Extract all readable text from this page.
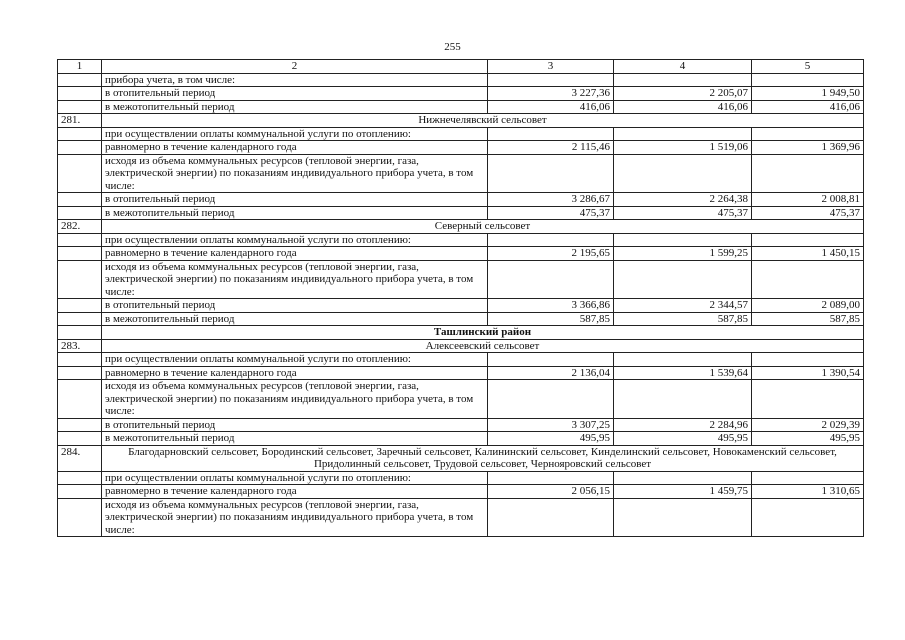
255
1	2	3	4	5
	прибора учета, в том числе:			
	в отопительный период	3 227,36	2 205,07	1 949,50
	в межотопительный период	416,06	416,06	416,06
281.	Нижнечелявский сельсовет			
	при осуществлении оплаты коммунальной услуги по отоплению:			
	равномерно в течение календарного года	2 115,46	1 519,06	1 369,96
	исходя из объема коммунальных ресурсов (тепловой энергии, газа, электрической энергии) по показаниям индивидуального прибора учета, в том числе:			
	в отопительный период	3 286,67	2 264,38	2 008,81
	в межотопительный период	475,37	475,37	475,37
282.	Северный сельсовет			
	при осуществлении оплаты коммунальной услуги по отоплению:			
	равномерно в течение календарного года	2 195,65	1 599,25	1 450,15
	исходя из объема коммунальных ресурсов (тепловой энергии, газа, электрической энергии) по показаниям индивидуального прибора учета, в том числе:			
	в отопительный период	3 366,86	2 344,57	2 089,00
	в межотопительный период	587,85	587,85	587,85
	Ташлинский район			
283.	Алексеевский сельсовет			
	при осуществлении оплаты коммунальной услуги по отоплению:			
	равномерно в течение календарного года	2 136,04	1 539,64	1 390,54
	исходя из объема коммунальных ресурсов (тепловой энергии, газа, электрической энергии) по показаниям индивидуального прибора учета, в том числе:			
	в отопительный период	3 307,25	2 284,96	2 029,39
	в межотопительный период	495,95	495,95	495,95
284.	Благодарновский сельсовет, Бородинский сельсовет, Заречный сельсовет, Калининский сельсовет, Кинделинский сельсовет, Новокаменский сельсовет, Придолинный сельсовет, Трудовой сельсовет, Чернояровский сельсовет			
	при осуществлении оплаты коммунальной услуги по отоплению:			
	равномерно в течение календарного года	2 056,15	1 459,75	1 310,65
	исходя из объема коммунальных ресурсов (тепловой энергии, газа, электрической энергии) по показаниям индивидуального прибора учета, в том числе:			
